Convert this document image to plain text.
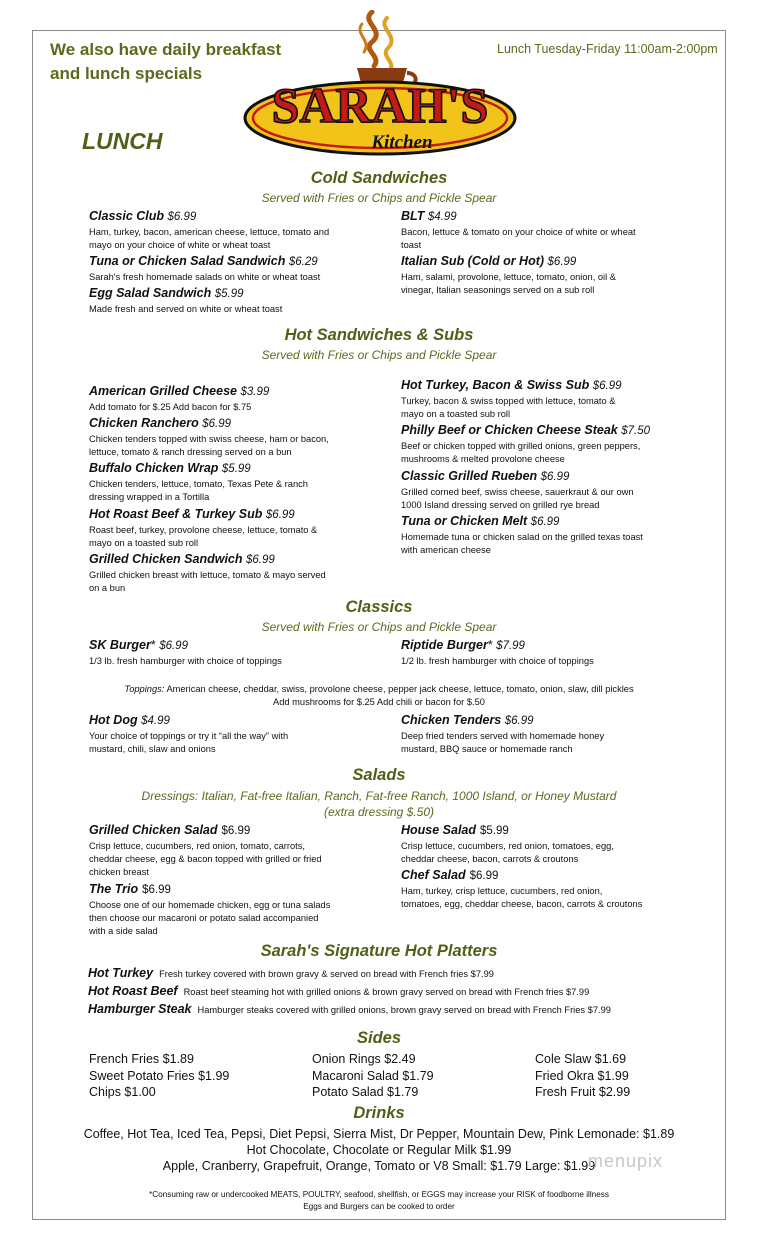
We also have daily breakfast
and lunch specials
Lunch Tuesday-Friday 11:00am-2:00pm
SARAH'S
Kitchen
LUNCH
Cold Sandwiches
Served with Fries or Chips and Pickle Spear
Classic Club $6.99
Ham, turkey, bacon, american cheese, lettuce, tomato and
mayo on your choice of white or wheat toast
Tuna or Chicken Salad Sandwich $6.29
Sarah's fresh homemade salads on white or wheat toast
Egg Salad Sandwich $5.99
Made fresh and served on white or wheat toast
BLT $4.99
Bacon, lettuce & tomato on your choice of white or wheat
toast
Italian Sub (Cold or Hot) $6.99
Ham, salami, provolone, lettuce, tomato, onion, oil &
vinegar, Italian seasonings served on a sub roll
Hot Sandwiches & Subs
Served with Fries or Chips and Pickle Spear
American Grilled Cheese $3.99
Add tomato for $.25 Add bacon for $.75
Chicken Ranchero $6.99
Chicken tenders topped with swiss cheese, ham or bacon,
lettuce, tomato & ranch dressing served on a bun
Buffalo Chicken Wrap $5.99
Chicken tenders, lettuce, tomato, Texas Pete & ranch
dressing wrapped in a Tortilla
Hot Roast Beef & Turkey Sub $6.99
Roast beef, turkey, provolone cheese, lettuce, tomato &
mayo on a toasted sub roll
Grilled Chicken Sandwich $6.99
Grilled chicken breast with lettuce, tomato & mayo served
on a bun
Hot Turkey, Bacon & Swiss Sub $6.99
Turkey, bacon & swiss topped with lettuce, tomato &
mayo on a toasted sub roll
Philly Beef or Chicken Cheese Steak $7.50
Beef or chicken topped with grilled onions, green peppers,
mushrooms & melted provolone cheese
Classic Grilled Rueben $6.99
Grilled corned beef, swiss cheese, sauerkraut & our own
1000 Island dressing served on grilled rye bread
Tuna or Chicken Melt $6.99
Homemade tuna or chicken salad on the grilled texas toast
with american cheese
Classics
Served with Fries or Chips and Pickle Spear
SK Burger* $6.99
1/3 lb. fresh hamburger with choice of toppings
Riptide Burger* $7.99
1/2 lb. fresh hamburger with choice of toppings
Toppings: American cheese, cheddar, swiss, provolone cheese, pepper jack cheese, lettuce, tomato, onion, slaw, dill pickles
Add mushrooms for $.25 Add chili or bacon for $.50
Hot Dog $4.99
Your choice of toppings or try it “all the way” with
mustard, chili, slaw and onions
Chicken Tenders $6.99
Deep fried tenders served with homemade honey
mustard, BBQ sauce or homemade ranch
Salads
Dressings: Italian, Fat-free Italian, Ranch, Fat-free Ranch, 1000 Island, or Honey Mustard
(extra dressing $.50)
Grilled Chicken Salad $6.99
Crisp lettuce, cucumbers, red onion, tomato, carrots,
cheddar cheese, egg & bacon topped with grilled or fried
chicken breast
The Trio $6.99
Choose one of our homemade chicken, egg or tuna salads
then choose our macaroni or potato salad accompanied
with a side salad
House Salad $5.99
Crisp lettuce, cucumbers, red onion, tomatoes, egg,
cheddar cheese, bacon, carrots & croutons
Chef Salad $6.99
Ham, turkey, crisp lettuce, cucumbers, red onion,
tomatoes, egg, cheddar cheese, bacon, carrots & croutons
Sarah's Signature Hot Platters
Hot Turkey Fresh turkey covered with brown gravy & served on bread with French fries $7.99
Hot Roast Beef Roast beef steaming hot with grilled onions & brown gravy served on bread with French fries $7.99
Hamburger Steak Hamburger steaks covered with grilled onions, brown gravy served on bread with French Fries $7.99
Sides
French Fries $1.89
Sweet Potato Fries $1.99
Chips $1.00
Onion Rings $2.49
Macaroni Salad $1.79
Potato Salad $1.79
Cole Slaw $1.69
Fried Okra $1.99
Fresh Fruit $2.99
Drinks
Coffee, Hot Tea, Iced Tea, Pepsi, Diet Pepsi, Sierra Mist, Dr Pepper, Mountain Dew, Pink Lemonade: $1.89
Hot Chocolate, Chocolate or Regular Milk $1.99
Apple, Cranberry, Grapefruit, Orange, Tomato or V8 Small: $1.79 Large: $1.99
menupix
*Consuming raw or undercooked MEATS, POULTRY, seafood, shellfish, or EGGS may increase your RISK of foodborne illness
Eggs and Burgers can be cooked to order
